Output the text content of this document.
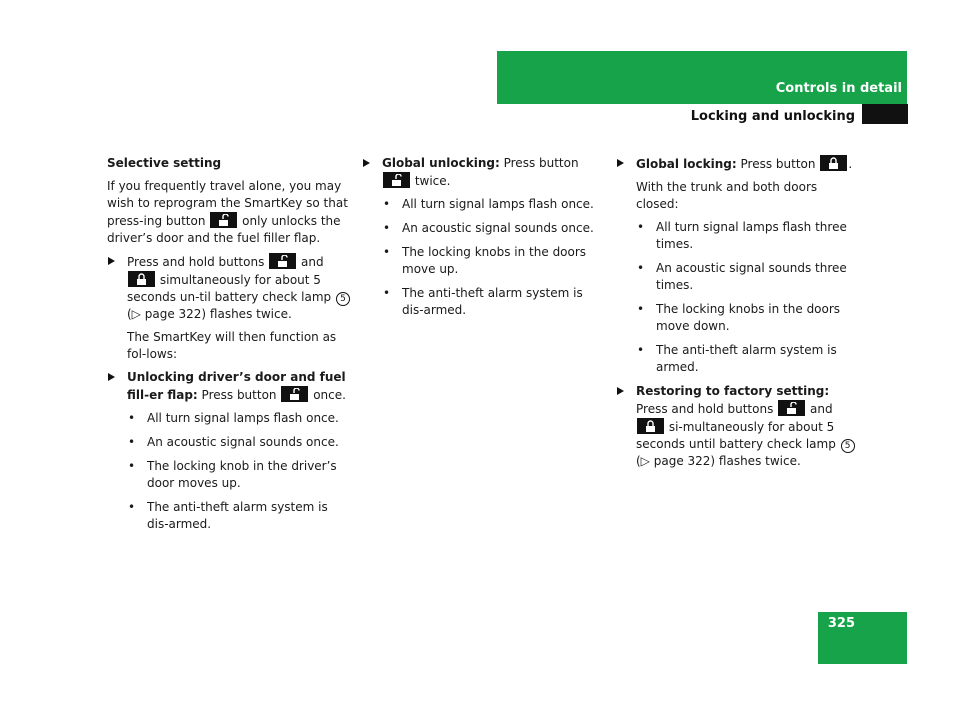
Controls in detail
Locking and unlocking

Selective setting

If you frequently travel alone, you may wish to reprogram the SmartKey so that press-ing button	only unlocks the driver’s door and the fuel filler flap.

Press and hold buttons	and
simultaneously for about 5 seconds un-til battery check lamp 5 (▷ page 322) flashes twice.

The SmartKey will then function as fol-lows:

Unlocking driver’s door and fuel fill-er flap: Press button	once.
• All turn signal lamps flash once.
• An acoustic signal sounds once.
• The locking knob in the driver’s door moves up.
• The anti-theft alarm system is dis-armed.
Global unlocking: Press button
twice.
• All turn signal lamps flash once.
• An acoustic signal sounds once.
• The locking knobs in the doors move up.
• The anti-theft alarm system is dis-armed.
Global locking: Press button	.

With the trunk and both doors closed:

• All turn signal lamps flash three times.
• An acoustic signal sounds three times.
• The locking knobs in the doors move down.
• The anti-theft alarm system is armed.
Restoring to factory setting: Press and hold buttons	and
si-multaneously for about 5 seconds until battery check lamp 5 (▷ page 322) flashes twice.
325
